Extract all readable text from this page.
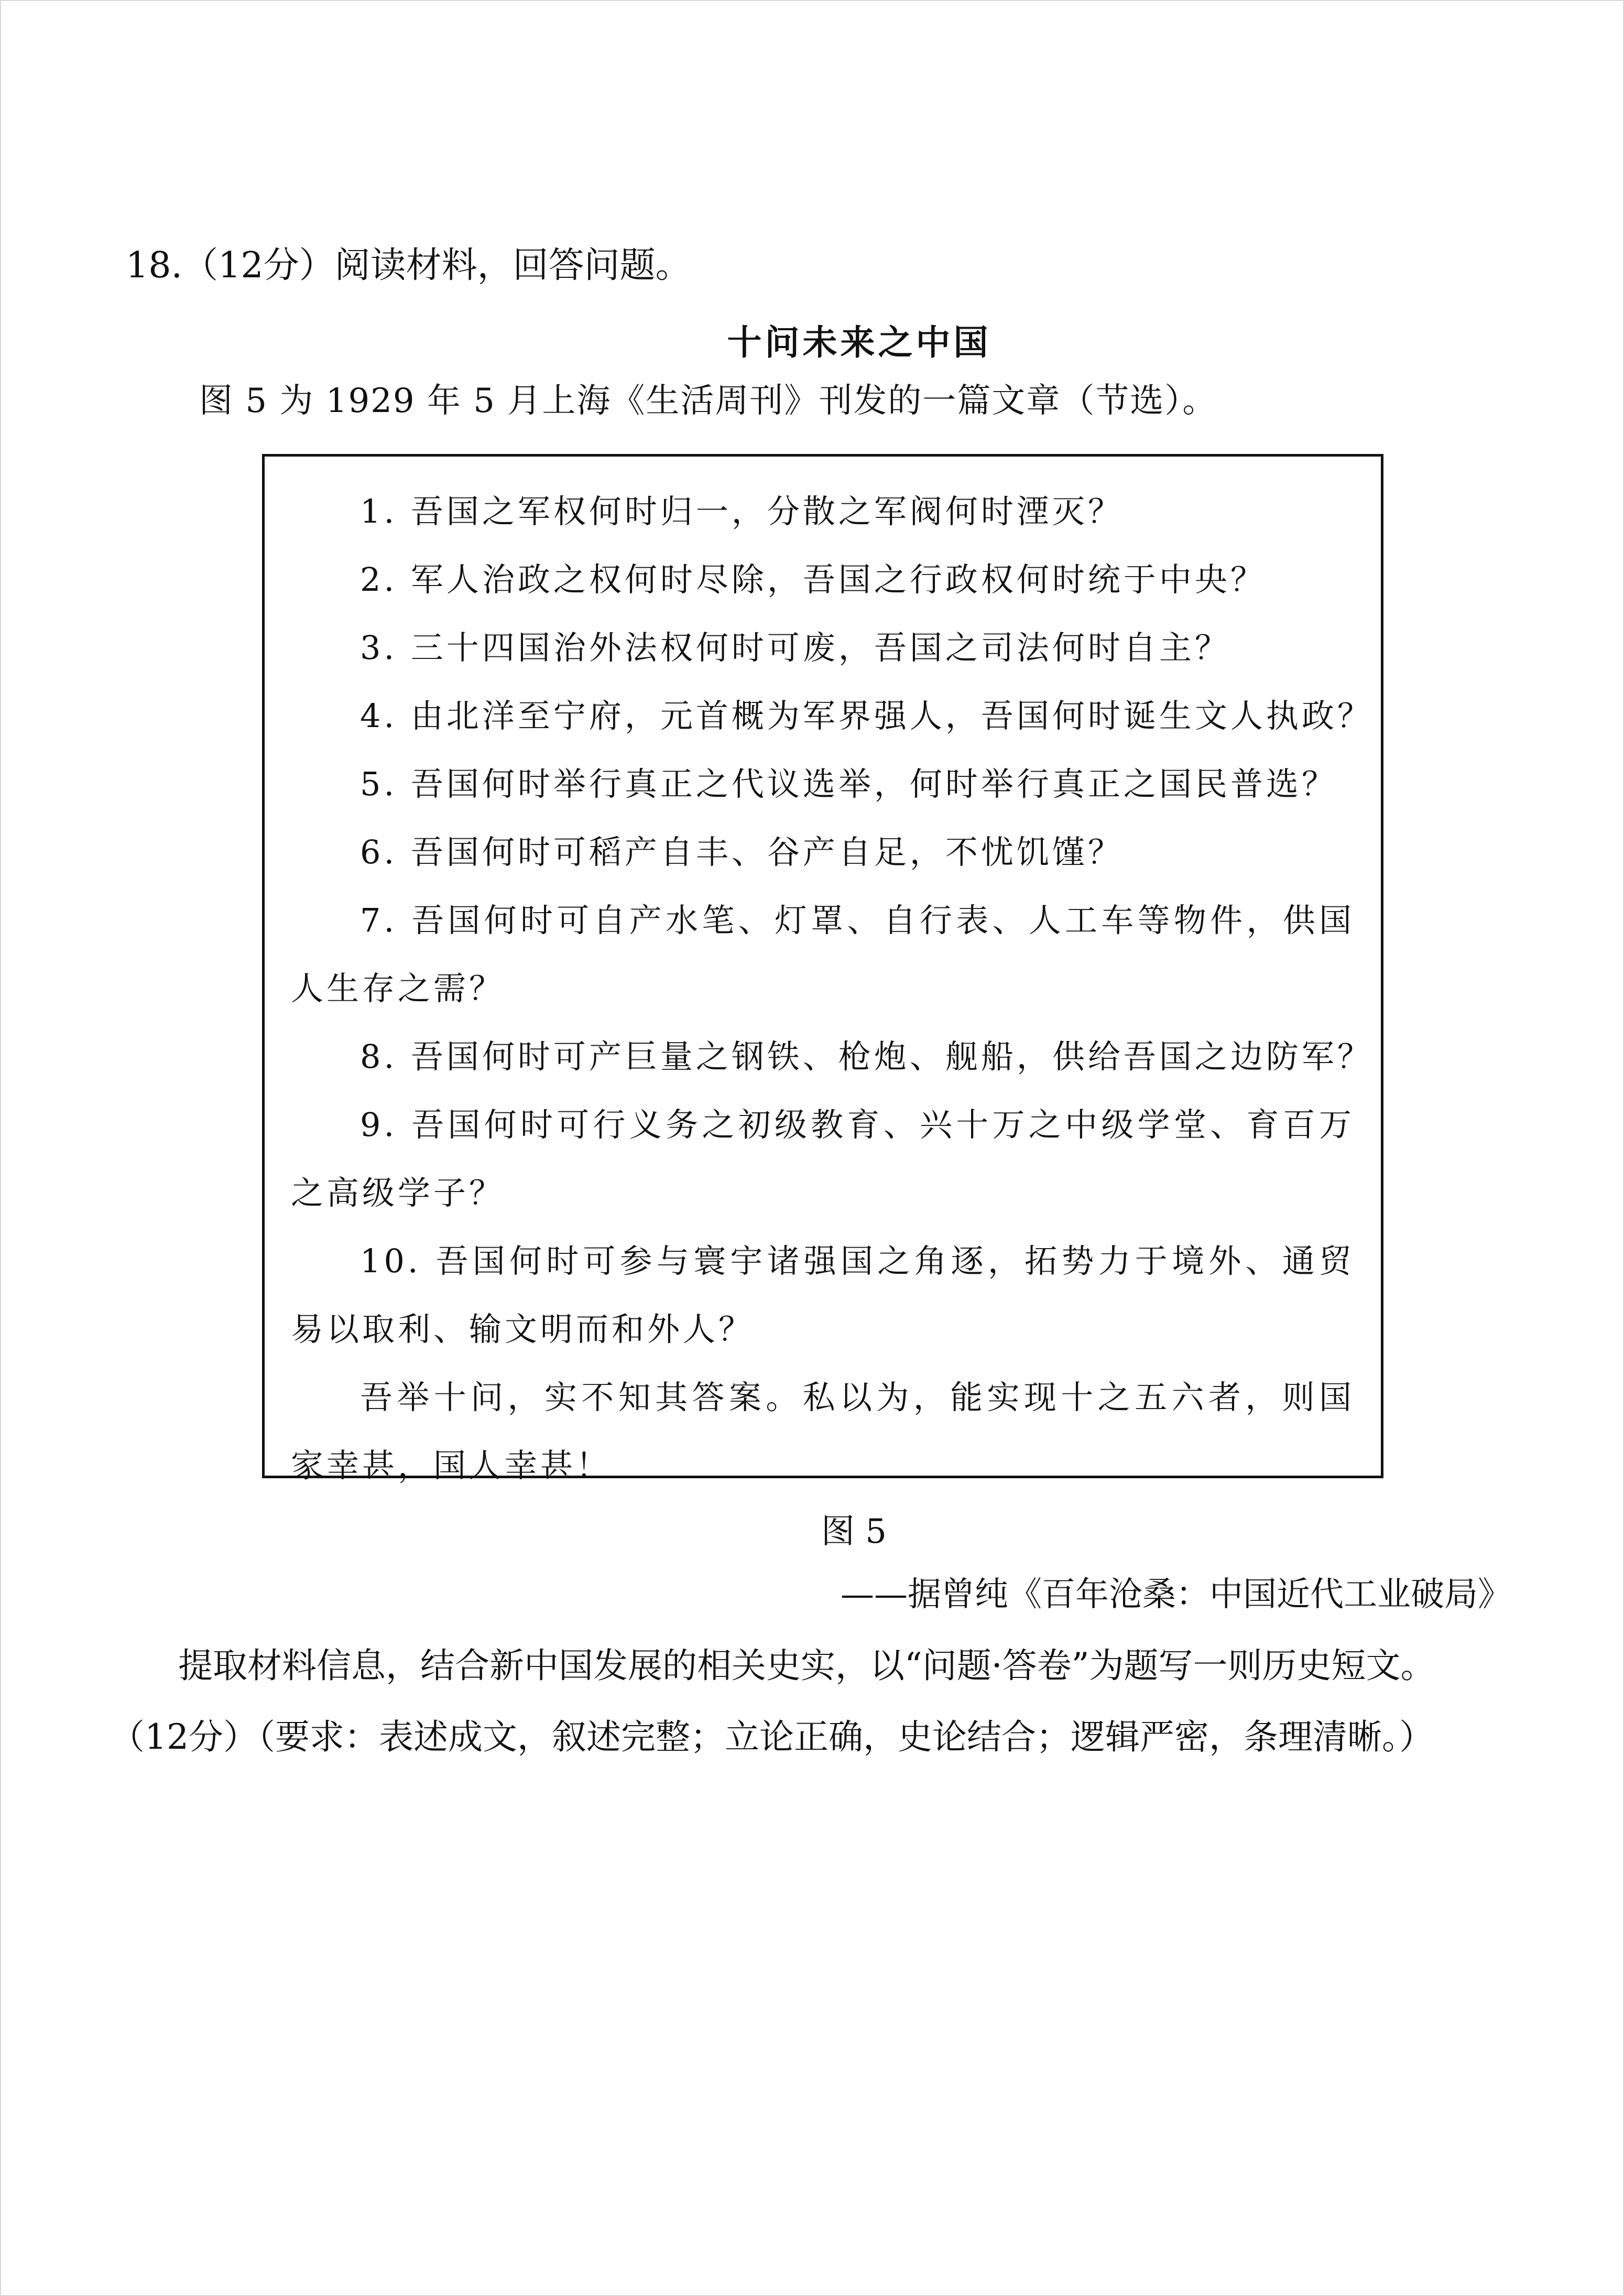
18.（12分）阅读材料，回答问题。
十问未来之中国
图 5 为 1929 年 5 月上海《生活周刊》刊发的一篇文章（节选）。
1. 吾国之军权何时归一，分散之军阀何时湮灭？
2. 军人治政之权何时尽除，吾国之行政权何时统于中央？
3. 三十四国治外法权何时可废，吾国之司法何时自主？
4. 由北洋至宁府，元首概为军界强人，吾国何时诞生文人执政？
5. 吾国何时举行真正之代议选举，何时举行真正之国民普选？
6. 吾国何时可稻产自丰、谷产自足，不忧饥馑？
7. 吾国何时可自产水笔、灯罩、自行表、人工车等物件，供国人生存之需？
8. 吾国何时可产巨量之钢铁、枪炮、舰船，供给吾国之边防军？
9. 吾国何时可行义务之初级教育、兴十万之中级学堂、育百万之高级学子？
10. 吾国何时可参与寰宇诸强国之角逐，拓势力于境外、通贸易以取利、输文明而和外人？
吾举十问，实不知其答案。私以为，能实现十之五六者，则国家幸甚，国人幸甚！
图 5
——据曾纯《百年沧桑：中国近代工业破局》
提取材料信息，结合新中国发展的相关史实，以“问题·答卷”为题写一则历史短文。
（12分）（要求：表述成文，叙述完整；立论正确，史论结合；逻辑严密，条理清晰。）
